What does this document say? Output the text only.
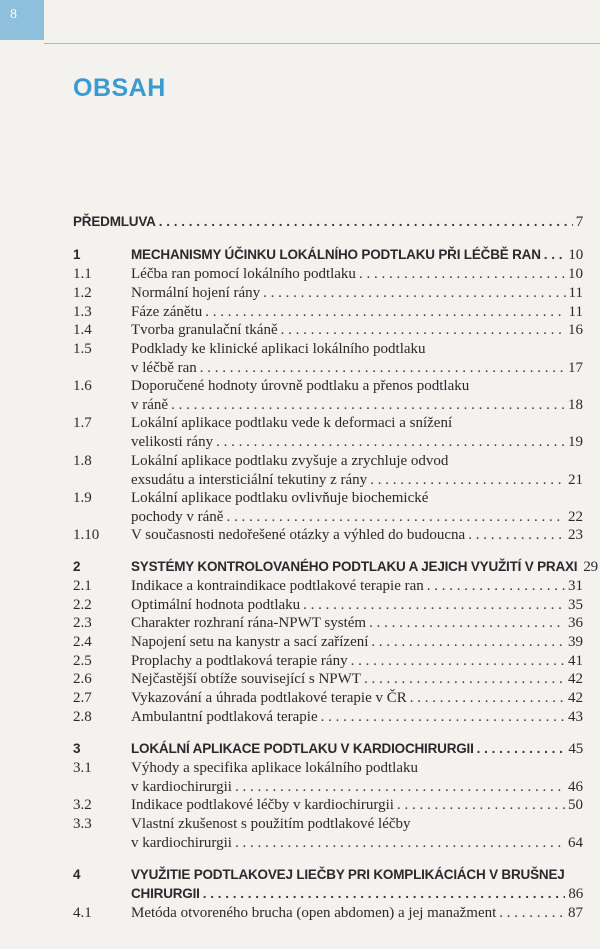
8
OBSAH
PŘEDMLUVA . . .	7
1	MECHANISMY ÚČINKU LOKÁLNÍHO PODTLAKU PŘI LÉČBĚ RAN . . . 10
1.1	Léčba ran pomocí lokálního podtlaku . . .	10
1.2	Normální hojení rány . . .	11
1.3	Fáze zánětu . . .	11
1.4	Tvorba granulační tkáně . . .	16
1.5	Podklady ke klinické aplikaci lokálního podtlaku
v léčbě ran . . .	17
1.6	Doporučené hodnoty úrovně podtlaku a přenos podtlaku
v ráně . . .	18
1.7	Lokální aplikace podtlaku vede k deformaci a snížení
velikosti rány . . .	19
1.8	Lokální aplikace podtlaku zvyšuje a zrychluje odvod
exsudátu a intersticiální tekutiny z rány . . .	21
1.9	Lokální aplikace podtlaku ovlivňuje biochemické
pochody v ráně . . .	22
1.10 V současnosti nedořešené otázky a výhled do budoucna . . .	23
2	SYSTÉMY KONTROLOVANÉHO PODTLAKU A JEJICH VYUŽITÍ V PRAXI 29
2.1	Indikace a kontraindikace podtlakové terapie ran . . .	31
2.2	Optimální hodnota podtlaku . . .	35
2.3	Charakter rozhraní rána-NPWT systém . . .	36
2.4	Napojení setu na kanystr a sací zařízení . . .	39
2.5	Proplachy a podtlaková terapie rány . . .	41
2.6	Nejčastější obtíže související s NPWT . . .	42
2.7	Vykazování a úhrada podtlakové terapie v ČR . . .	42
2.8	Ambulantní podtlaková terapie . . .	43
3	LOKÁLNÍ APLIKACE PODTLAKU V KARDIOCHIRURGII . . .	45
3.1	Výhody a specifika aplikace lokálního podtlaku
v kardiochirurgii . . .	46
3.2	Indikace podtlakové léčby v kardiochirurgii . . .	50
3.3	Vlastní zkušenost s použitím podtlakové léčby
v kardiochirurgii . . .	64
4	VYUŽITIE PODTLAKOVEJ LIEČBY PRI KOMPLIKÁCIÁCH V BRUŠNEJ
CHIRURGII . . .	86
4.1	Metóda otvoreného brucha (open abdomen) a jej manažment . . .	87
